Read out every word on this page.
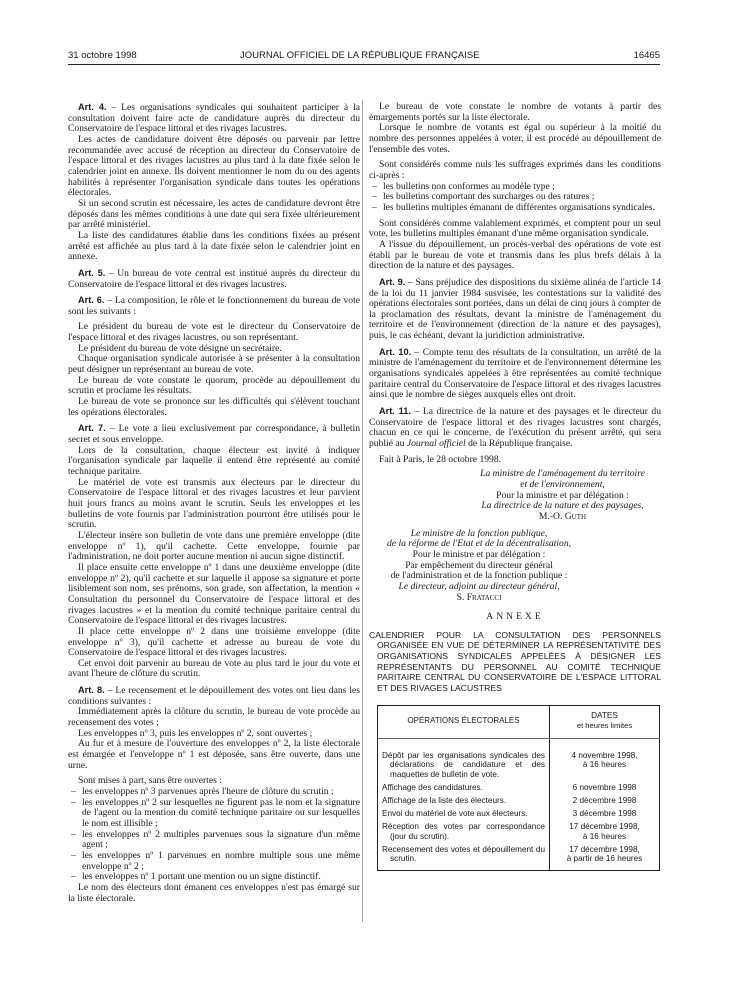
31 octobre 1998	JOURNAL OFFICIEL DE LA RÉPUBLIQUE FRANÇAISE	16465

Art. 4. – Les organisations syndicales qui souhaitent participer à la consultation doivent faire acte de candidature auprès du directeur du Conservatoire de l'espace littoral et des rivages lacustres.

Les actes de candidature doivent être déposés ou parvenir par lettre recommandée avec accusé de réception au directeur du Conservatoire de l'espace littoral et des rivages lacustres au plus tard à la date fixée selon le calendrier joint en annexe. Ils doivent mentionner le nom du ou des agents habilités à représenter l'organisation syndicale dans toutes les opérations électorales.

Si un second scrutin est nécessaire, les actes de candidature devront être déposés dans les mêmes conditions à une date qui sera fixée ultérieurement par arrêté ministériel.

La liste des candidatures établie dans les conditions fixées au présent arrêté est affichée au plus tard à la date fixée selon le calendrier joint en annexe.

Art. 5. – Un bureau de vote central est institué auprès du directeur du Conservatoire de l'espace littoral et des rivages lacustres.

Art. 6. – La composition, le rôle et le fonctionnement du bureau de vote sont les suivants :

Le président du bureau de vote est le directeur du Conservatoire de l'espace littoral et des rivages lacustres, ou son représentant.

Le président du bureau de vote désigne un secrétaire.

Chaque organisation syndicale autorisée à se présenter à la consultation peut désigner un représentant au bureau de vote.

Le bureau de vote constate le quorum, procède au dépouillement du scrutin et proclame les résultats.

Le bureau de vote se prononce sur les difficultés qui s'élèvent touchant les opérations électorales.

Art. 7. – Le vote a lieu exclusivement par correspondance, à bulletin secret et sous enveloppe.

Lors de la consultation, chaque électeur est invité à indiquer l'organisation syndicale par laquelle il entend être représenté au comité technique paritaire.

Le matériel de vote est transmis aux électeurs par le directeur du Conservatoire de l'espace littoral et des rivages lacustres et leur parvient huit jours francs au moins avant le scrutin. Seuls les enveloppes et les bulletins de vote fournis par l'administration pourront être utilisés pour le scrutin.

L'électeur insère son bulletin de vote dans une première enveloppe (dite enveloppe nº 1), qu'il cachette. Cette enveloppe, fournie par l'administration, ne doit porter aucune mention ni aucun signe distinctif.

Il place ensuite cette enveloppe nº 1 dans une deuxième enveloppe (dite enveloppe nº 2), qu'il cachette et sur laquelle il appose sa signature et porte lisiblement son nom, ses prénoms, son grade, son affectation, la mention « Consultation du personnel du Conservatoire de l'espace littoral et des rivages lacustres » et la mention du comité technique paritaire central du Conservatoire de l'espace littoral et des rivages lacustres.

Il place cette enveloppe nº 2 dans une troisième enveloppe (dite enveloppe nº 3), qu'il cachette et adresse au bureau de vote du Conservatoire de l'espace littoral et des rivages lacustres.

Cet envoi doit parvenir au bureau de vote au plus tard le jour du vote et avant l'heure de clôture du scrutin.

Art. 8. – Le recensement et le dépouillement des votes ont lieu dans les conditions suivantes :

Immédiatement après la clôture du scrutin, le bureau de vote procède au recensement des votes ;

Les enveloppes nº 3, puis les enveloppes nº 2, sont ouvertes ;

Au fur et à mesure de l'ouverture des enveloppes nº 2, la liste électorale est émargée et l'enveloppe nº 1 est déposée, sans être ouverte, dans une urne.

Sont mises à part, sans être ouvertes :

– les enveloppes nº 3 parvenues après l'heure de clôture du scrutin ;
– les enveloppes nº 2 sur lesquelles ne figurent pas le nom et la signature de l'agent ou la mention du comité technique paritaire ou sur lesquelles le nom est illisible ;
– les enveloppes nº 2 multiples parvenues sous la signature d'un même agent ;
– les enveloppes nº 1 parvenues en nombre multiple sous une même enveloppe nº 2 ;
– les enveloppes nº 1 portant une mention ou un signe distinctif.

Le nom des électeurs dont émanent ces enveloppes n'est pas émargé sur la liste électorale.

Le bureau de vote constate le nombre de votants à partir des émargements portés sur la liste électorale.

Lorsque le nombre de votants est égal ou supérieur à la moitié du nombre des personnes appelées à voter, il est procédé au dépouillement de l'ensemble des votes.

Sont considérés comme nuls les suffrages exprimés dans les conditions ci-après :

– les bulletins non conformes au modèle type ;
– les bulletins comportant des surcharges ou des ratures ;
– les bulletins multiples émanant de différentes organisations syndicales.

Sont considérés comme valablement exprimés, et comptent pour un seul vote, les bulletins multiples émanant d'une même organisation syndicale.

A l'issue du dépouillement, un procès-verbal des opérations de vote est établi par le bureau de vote et transmis dans les plus brefs délais à la direction de la nature et des paysages.

Art. 9. – Sans préjudice des dispositions du sixième alinéa de l'article 14 de la loi du 11 janvier 1984 susvisée, les contestations sur la validité des opérations électorales sont portées, dans un délai de cinq jours à compter de la proclamation des résultats, devant la ministre de l'aménagement du territoire et de l'environnement (direction de la nature et des paysages), puis, le cas échéant, devant la juridiction administrative.

Art. 10. – Compte tenu des résultats de la consultation, un arrêté de la ministre de l'aménagement du territoire et de l'environnement détermine les organisations syndicales appelées à être représentées au comité technique paritaire central du Conservatoire de l'espace littoral et des rivages lacustres ainsi que le nombre de sièges auxquels elles ont droit.

Art. 11. – La directrice de la nature et des paysages et le directeur du Conservatoire de l'espace littoral et des rivages lacustres sont chargés, chacun en ce qui le concerne, de l'exécution du présent arrêté, qui sera publié au Journal officiel de la République française.

Fait à Paris, le 28 octobre 1998.

La ministre de l'aménagement du territoire

et de l'environnement,

Pour la ministre et par délégation :

La directrice de la nature et des paysages,

M.-O. Guth

Le ministre de la fonction publique,

de la réforme de l'Etat et de la décentralisation,

Pour le ministre et par délégation :

Par empêchement du directeur général

de l'administration et de la fonction publique :

Le directeur, adjoint au directeur général,

S. Fratacci

ANNEXE

CALENDRIER POUR LA CONSULTATION DES PERSONNELS ORGANISÉE EN VUE DE DÉTERMINER LA REPRÉSENTATIVITÉ DES ORGANISATIONS SYNDICALES APPELÉES À DÉSIGNER LES REPRÉSENTANTS DU PERSONNEL AU COMITÉ TECHNIQUE PARITAIRE CENTRAL DU CONSERVATOIRE DE L'ESPACE LITTORAL ET DES RIVAGES LACUSTRES

OPÉRATIONS ÉLECTORALES	DATES
et heures limites

Dépôt par les organisations syndicales des déclarations de candidature et des maquettes de bulletin de vote.	4 novembre 1998,
à 16 heures
Affichage des candidatures.	6 novembre 1998
Affichage de la liste des électeurs.	2 décembre 1998
Envoi du matériel de vote aux électeurs.	3 décembre 1998
Réception des votes par correspondance (jour du scrutin).	17 décembre 1998,
à 16 heures
Recensement des votes et dépouillement du scrutin.	17 décembre 1998,
à partir de 16 heures
